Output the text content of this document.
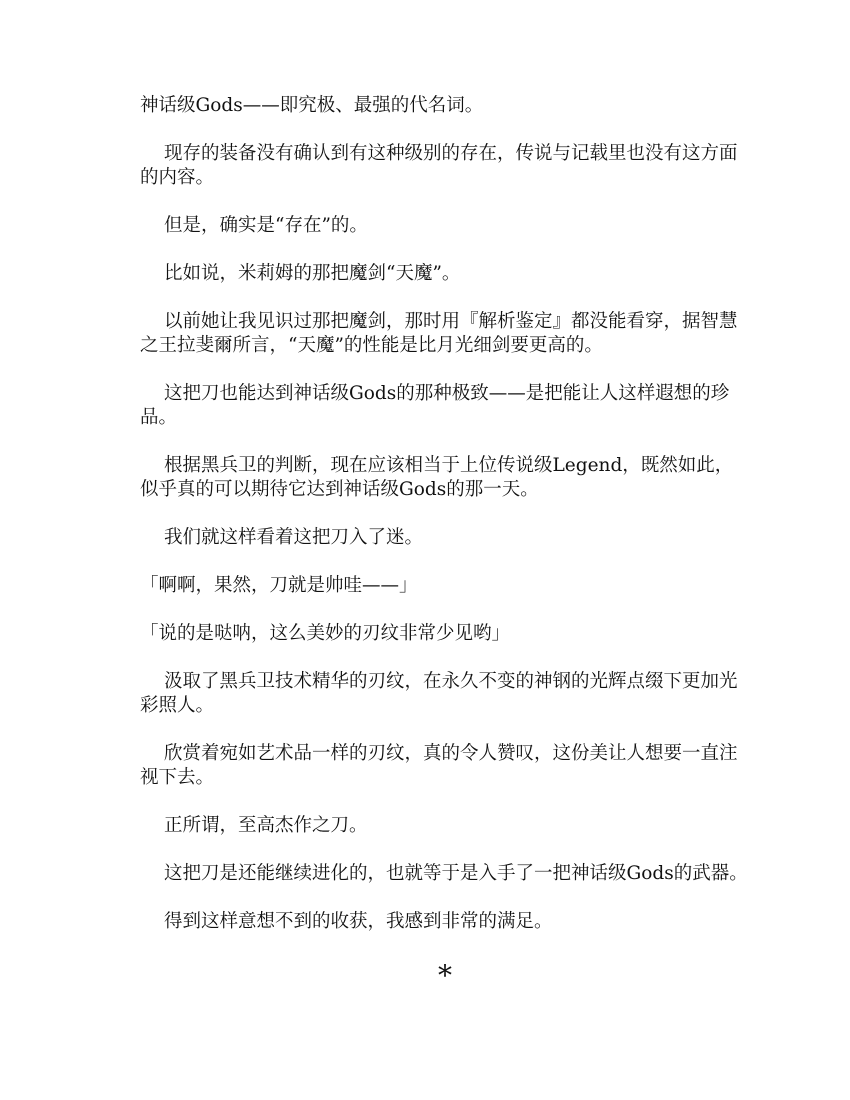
神话级Gods——即究极、最强的代名词。

现存的装备没有确认到有这种级别的存在，传说与记载里也没有这方面的内容。

但是，确实是“存在”的。

比如说，米莉姆的那把魔剑“天魔”。

以前她让我见识过那把魔剑，那时用『解析鉴定』都没能看穿，据智慧之王拉斐爾所言，“天魔”的性能是比月光细剑要更高的。

这把刀也能达到神话级Gods的那种极致——是把能让人这样遐想的珍品。

根据黑兵卫的判断，现在应该相当于上位传说级Legend，既然如此，似乎真的可以期待它达到神话级Gods的那一天。

我们就这样看着这把刀入了迷。

「啊啊，果然，刀就是帅哇——」

「说的是哒呐，这么美妙的刃纹非常少见哟」

汲取了黑兵卫技术精华的刃纹，在永久不变的神钢的光辉点缀下更加光彩照人。

欣赏着宛如艺术品一样的刃纹，真的令人赞叹，这份美让人想要一直注视下去。

正所谓，至高杰作之刀。

这把刀是还能继续进化的，也就等于是入手了一把神话级Gods的武器。

得到这样意想不到的收获，我感到非常的满足。

*
